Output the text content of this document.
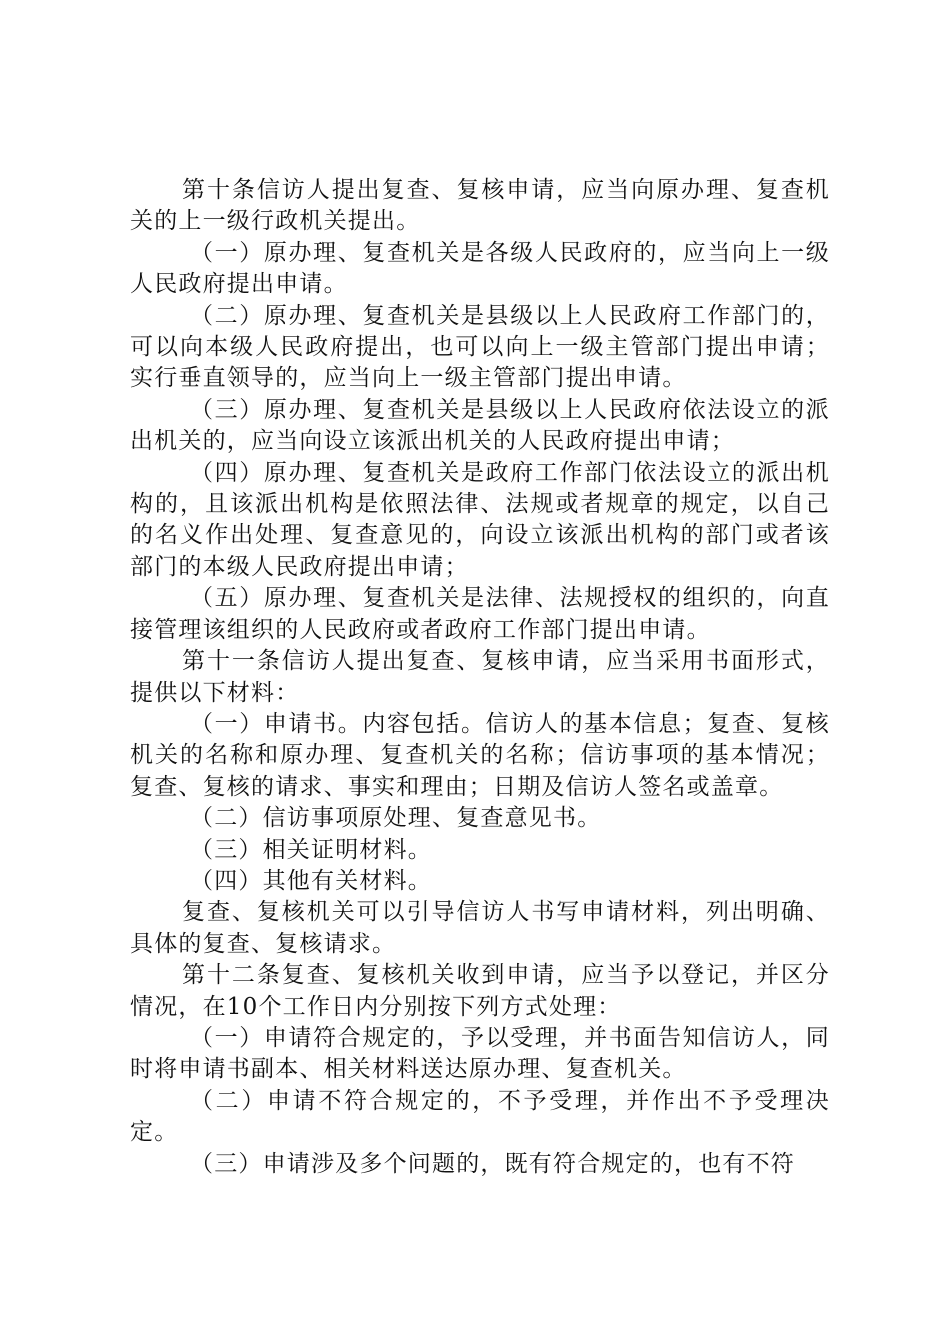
第十条信访人提出复查、复核申请，应当向原办理、复查机关的上一级行政机关提出。

（一）原办理、复查机关是各级人民政府的，应当向上一级人民政府提出申请。

（二）原办理、复查机关是县级以上人民政府工作部门的，可以向本级人民政府提出，也可以向上一级主管部门提出申请；实行垂直领导的，应当向上一级主管部门提出申请。

（三）原办理、复查机关是县级以上人民政府依法设立的派出机关的，应当向设立该派出机关的人民政府提出申请；

（四）原办理、复查机关是政府工作部门依法设立的派出机构的，且该派出机构是依照法律、法规或者规章的规定，以自己的名义作出处理、复查意见的，向设立该派出机构的部门或者该部门的本级人民政府提出申请；

（五）原办理、复查机关是法律、法规授权的组织的，向直接管理该组织的人民政府或者政府工作部门提出申请。

第十一条信访人提出复查、复核申请，应当采用书面形式，提供以下材料：

（一）申请书。内容包括。信访人的基本信息；复查、复核机关的名称和原办理、复查机关的名称；信访事项的基本情况；复查、复核的请求、事实和理由；日期及信访人签名或盖章。

（二）信访事项原处理、复查意见书。

（三）相关证明材料。

（四）其他有关材料。

复查、复核机关可以引导信访人书写申请材料，列出明确、具体的复查、复核请求。

第十二条复查、复核机关收到申请，应当予以登记，并区分情况，在10个工作日内分别按下列方式处理：

（一）申请符合规定的，予以受理，并书面告知信访人，同时将申请书副本、相关材料送达原办理、复查机关。

（二）申请不符合规定的，不予受理，并作出不予受理决定。

（三）申请涉及多个问题的，既有符合规定的，也有不符
